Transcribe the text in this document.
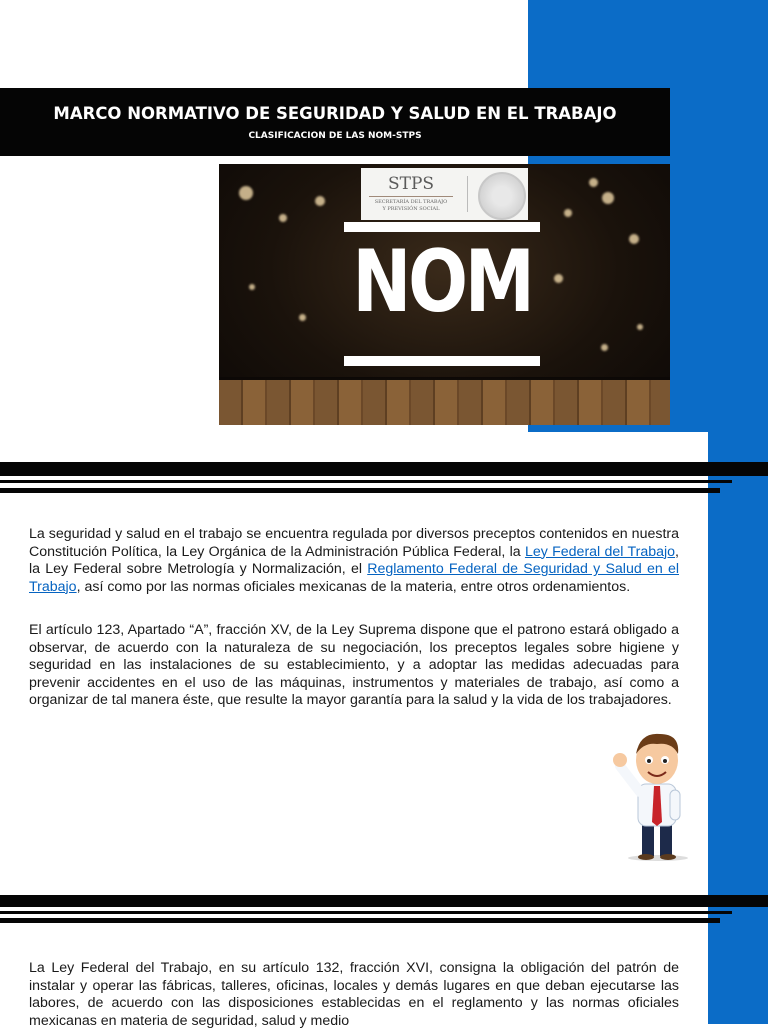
MARCO NORMATIVO DE SEGURIDAD Y SALUD EN EL TRABAJO
CLASIFICACION DE LAS NOM-STPS
STPS
SECRETARÍA DEL TRABAJO
Y PREVISIÓN SOCIAL
NOM

La seguridad y salud en el trabajo se encuentra regulada por diversos preceptos contenidos en nuestra Constitución Política, la Ley Orgánica de la Administración Pública Federal, la Ley Federal del Trabajo, la Ley Federal sobre Metrología y Normalización, el Reglamento Federal de Seguridad y Salud en el Trabajo, así como por las normas oficiales mexicanas de la materia, entre otros ordenamientos.

El artículo 123, Apartado “A”, fracción XV, de la Ley Suprema dispone que el patrono estará obligado a observar, de acuerdo con la naturaleza de su negociación, los preceptos legales sobre higiene y seguridad en las instalaciones de su establecimiento, y a adoptar las medidas adecuadas para prevenir accidentes en el uso de las máquinas, instrumentos y materiales de trabajo, así como a organizar de tal manera éste, que resulte la mayor garantía para la salud y la vida de los trabajadores.

La Ley Federal del Trabajo, en su artículo 132, fracción XVI, consigna la obligación del patrón de instalar y operar las fábricas, talleres, oficinas, locales y demás lugares en que deban ejecutarse las labores, de acuerdo con las disposiciones establecidas en el reglamento y las normas oficiales mexicanas en materia de seguridad, salud y medio
